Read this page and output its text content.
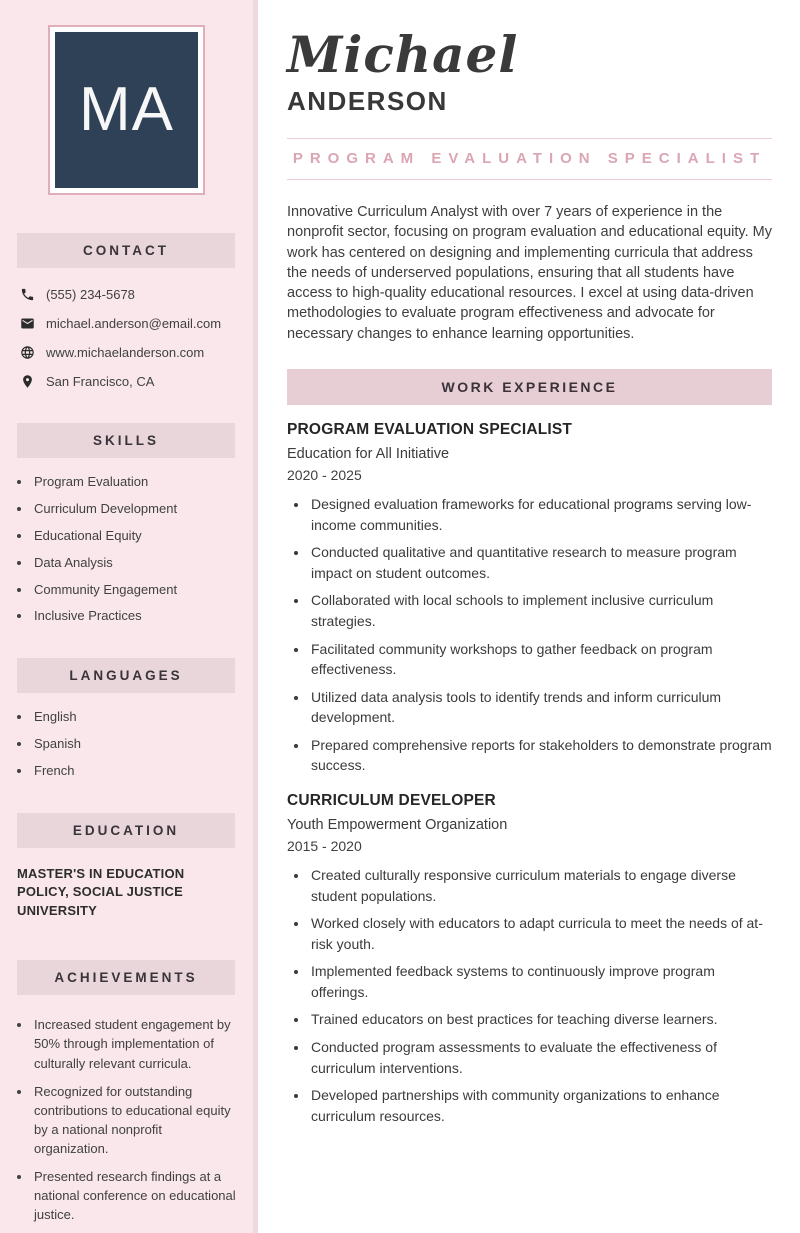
MA
CONTACT
(555) 234-5678
michael.anderson@email.com
www.michaelanderson.com
San Francisco, CA
SKILLS
• Program Evaluation
• Curriculum Development
• Educational Equity
• Data Analysis
• Community Engagement
• Inclusive Practices
LANGUAGES
• English
• Spanish
• French
EDUCATION

MASTER'S IN EDUCATION POLICY, SOCIAL JUSTICE UNIVERSITY

ACHIEVEMENTS
• Increased student engagement by 50% through implementation of culturally relevant curricula.
• Recognized for outstanding contributions to educational equity by a national nonprofit organization.
• Presented research findings at a national conference on educational justice.
Michael
ANDERSON
PROGRAM EVALUATION SPECIALIST

Innovative Curriculum Analyst with over 7 years of experience in the nonprofit sector, focusing on program evaluation and educational equity. My work has centered on designing and implementing curricula that address the needs of underserved populations, ensuring that all students have access to high-quality educational resources. I excel at using data-driven methodologies to evaluate program effectiveness and advocate for necessary changes to enhance learning opportunities.

WORK EXPERIENCE
PROGRAM EVALUATION SPECIALIST
Education for All Initiative
2020 - 2025
• Designed evaluation frameworks for educational programs serving low-income communities.
• Conducted qualitative and quantitative research to measure program impact on student outcomes.
• Collaborated with local schools to implement inclusive curriculum strategies.
• Facilitated community workshops to gather feedback on program effectiveness.
• Utilized data analysis tools to identify trends and inform curriculum development.
• Prepared comprehensive reports for stakeholders to demonstrate program success.
CURRICULUM DEVELOPER
Youth Empowerment Organization
2015 - 2020
• Created culturally responsive curriculum materials to engage diverse student populations.
• Worked closely with educators to adapt curricula to meet the needs of at-risk youth.
• Implemented feedback systems to continuously improve program offerings.
• Trained educators on best practices for teaching diverse learners.
• Conducted program assessments to evaluate the effectiveness of curriculum interventions.
• Developed partnerships with community organizations to enhance curriculum resources.
